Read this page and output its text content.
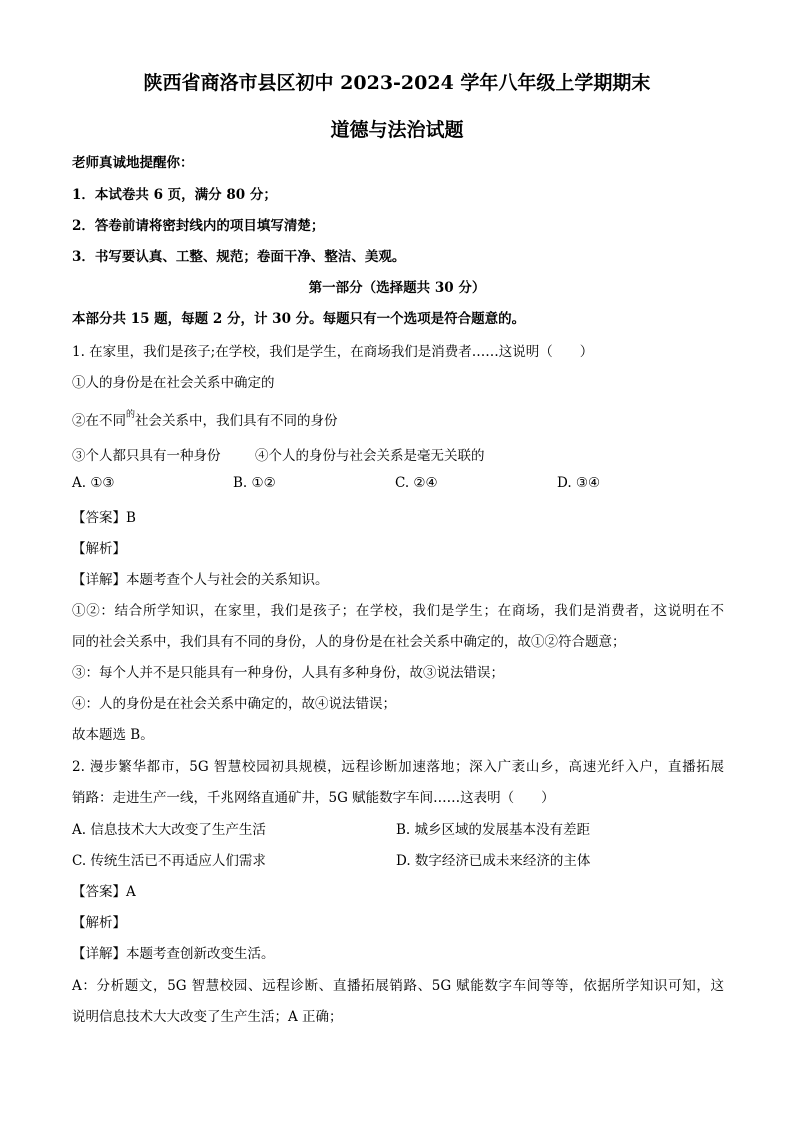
陕西省商洛市县区初中 2023-2024 学年八年级上学期期末
道德与法治试题
老师真诚地提醒你：
1．本试卷共 6 页，满分 80 分；
2．答卷前请将密封线内的项目填写清楚；
3．书写要认真、工整、规范；卷面干净、整洁、美观。
第一部分（选择题共 30 分）
本部分共 15 题，每题 2 分，计 30 分。每题只有一个选项是符合题意的。
1. 在家里，我们是孩子;在学校，我们是学生，在商场我们是消费者……这说明（　　）
①人的身份是在社会关系中确定的
②在不同$^的$社会关系中，我们具有不同的身份
③个人都只具有一种身份	④个人的身份与社会关系是毫无关联的
A. ①③	B. ①②	C. ②④	D. ③④
【答案】B
【解析】
【详解】本题考查个人与社会的关系知识。
①②：结合所学知识，在家里，我们是孩子；在学校，我们是学生；在商场，我们是消费者，这说明在不
同的社会关系中，我们具有不同的身份，人的身份是在社会关系中确定的，故①②符合题意；
③：每个人并不是只能具有一种身份，人具有多种身份，故③说法错误；
④：人的身份是在社会关系中确定的，故④说法错误；
故本题选 B。
2. 漫步繁华都市，5G 智慧校园初具规模，远程诊断加速落地；深入广袤山乡，高速光纤入户，直播拓展
销路：走进生产一线，千兆网络直通矿井，5G 赋能数字车间……这表明（　　）
A. 信息技术大大改变了生产生活	B. 城乡区域的发展基本没有差距
C. 传统生活已不再适应人们需求	D. 数字经济已成未来经济的主体
【答案】A
【解析】
【详解】本题考查创新改变生活。
A：分析题文，5G 智慧校园、远程诊断、直播拓展销路、5G 赋能数字车间等等，依据所学知识可知，这
说明信息技术大大改变了生产生活；A 正确；
